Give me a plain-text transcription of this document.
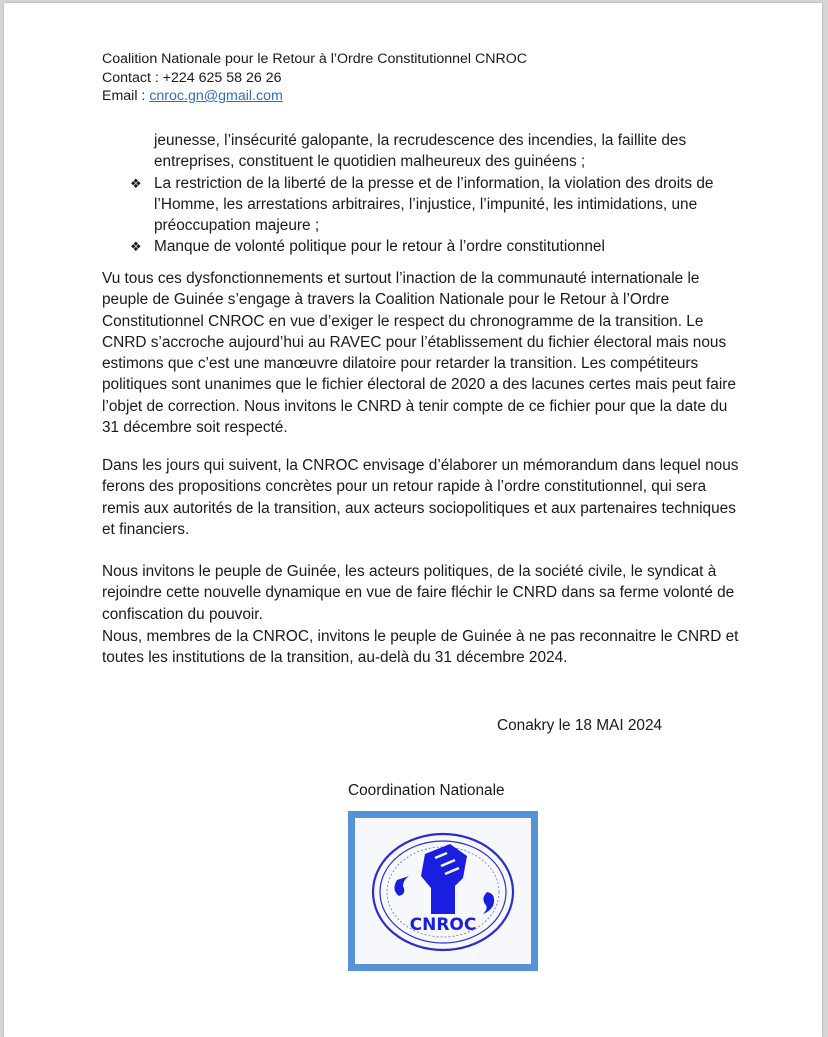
Coalition Nationale pour le Retour à l’Ordre Constitutionnel CNROC
Contact : +224 625 58 26 26
Email : cnroc.gn@gmail.com
jeunesse, l’insécurité galopante, la recrudescence des incendies, la faillite des entreprises, constituent le quotidien malheureux des guinéens ;
❖ La restriction de la liberté de la presse et de l’information, la violation des droits de l’Homme, les arrestations arbitraires, l’injustice, l’impunité, les intimidations, une préoccupation majeure ;
❖ Manque de volonté politique pour le retour à l’ordre constitutionnel
Vu tous ces dysfonctionnements et surtout l’inaction de la communauté internationale le peuple de Guinée s’engage à travers la Coalition Nationale pour le Retour à l’Ordre Constitutionnel CNROC en vue d’exiger le respect du chronogramme de la transition. Le CNRD s’accroche aujourd’hui au RAVEC pour l’établissement du fichier électoral mais nous estimons que c’est une manœuvre dilatoire pour retarder la transition. Les compétiteurs politiques sont unanimes que le fichier électoral de 2020 a des lacunes certes mais peut faire l’objet de correction. Nous invitons le CNRD à tenir compte de ce fichier pour que la date du 31 décembre soit respecté.
Dans les jours qui suivent, la CNROC envisage d’élaborer un mémorandum dans lequel nous ferons des propositions concrètes pour un retour rapide à l’ordre constitutionnel, qui sera remis aux autorités de la transition, aux acteurs sociopolitiques et aux partenaires techniques et financiers.
Nous invitons le peuple de Guinée, les acteurs politiques, de la société civile, le syndicat à rejoindre cette nouvelle dynamique en vue de faire fléchir le CNRD dans sa ferme volonté de confiscation du pouvoir.
Nous, membres de la CNROC, invitons le peuple de Guinée à ne pas reconnaitre le CNRD et toutes les institutions de la transition, au-delà du 31 décembre 2024.
Conakry le 18 MAI 2024
Coordination Nationale
CNROC
